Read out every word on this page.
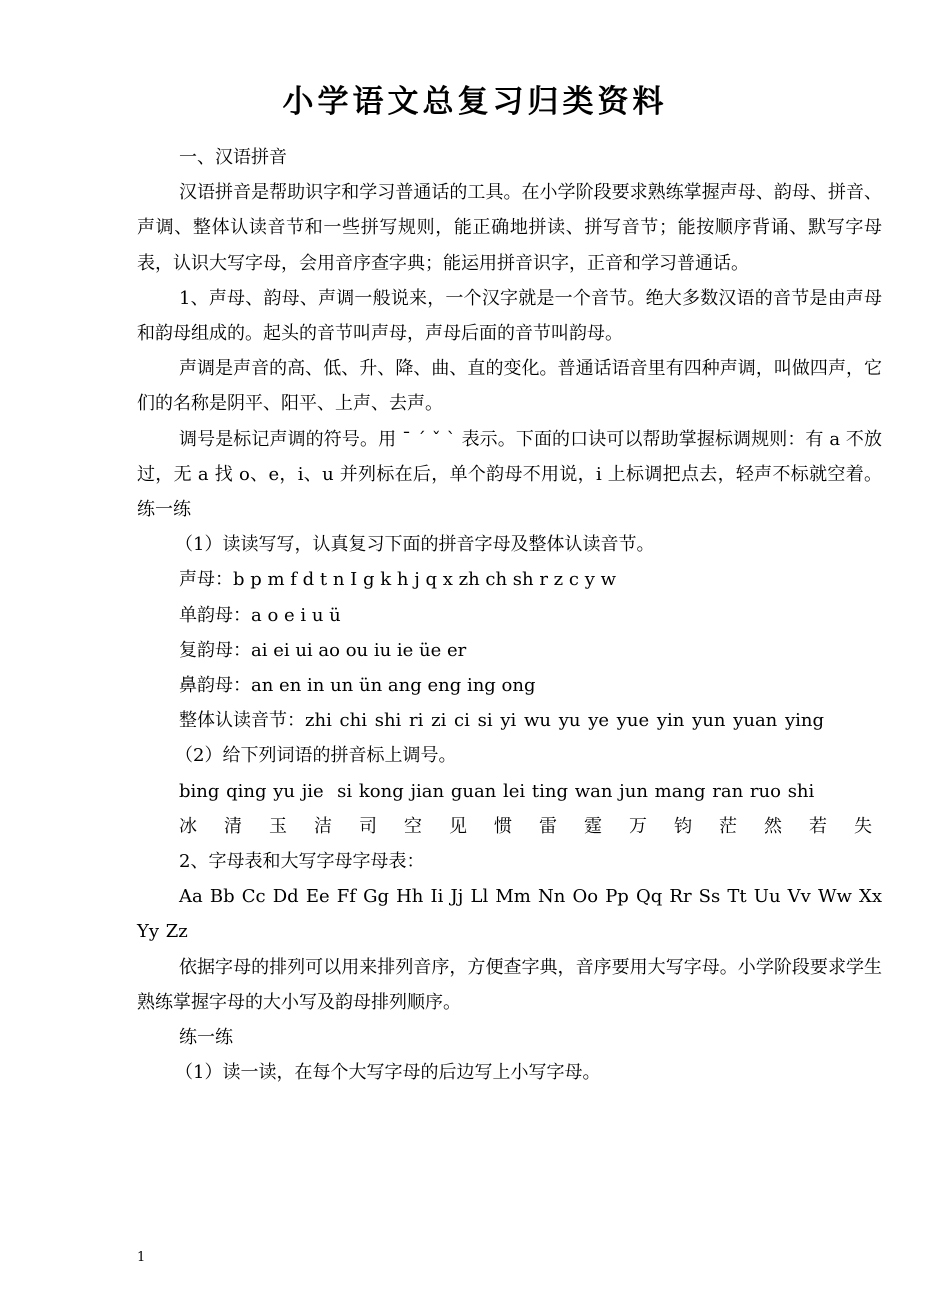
小学语文总复习归类资料

一、汉语拼音

汉语拼音是帮助识字和学习普通话的工具。在小学阶段要求熟练掌握声母、韵母、拼音、声调、整体认读音节和一些拼写规则，能正确地拼读、拼写音节；能按顺序背诵、默写字母表，认识大写字母，会用音序查字典；能运用拼音识字，正音和学习普通话。

1、声母、韵母、声调一般说来，一个汉字就是一个音节。绝大多数汉语的音节是由声母和韵母组成的。起头的音节叫声母，声母后面的音节叫韵母。

声调是声音的高、低、升、降、曲、直的变化。普通话语音里有四种声调，叫做四声，它们的名称是阴平、阳平、上声、去声。

调号是标记声调的符号。用 ˉ ˊ ˇ ˋ 表示。下面的口诀可以帮助掌握标调规则：有 a 不放过，无 a 找 o、e，i、u 并列标在后，单个韵母不用说，i 上标调把点去，轻声不标就空着。练一练

（1）读读写写，认真复习下面的拼音字母及整体认读音节。

声母：b p m f d t n I g k h j q x zh ch sh r z c y w

单韵母：a o e i u ü

复韵母：ai ei ui ao ou iu ie üe er

鼻韵母：an en in un ün ang eng ing ong

整体认读音节：zhi chi shi ri zi ci si yi wu yu ye yue yin yun yuan ying

（2）给下列词语的拼音标上调号。

bing qing yu jie  si kong jian guan lei ting wan jun mang ran ruo shi

冰 清 玉 洁 司 空 见 惯 雷 霆 万 钧 茫 然 若 失

2、字母表和大写字母字母表：

Aa Bb Cc Dd Ee Ff Gg Hh Ii Jj Ll Mm Nn Oo Pp Qq Rr Ss Tt Uu Vv Ww Xx Yy Zz

依据字母的排列可以用来排列音序，方便查字典，音序要用大写字母。小学阶段要求学生熟练掌握字母的大小写及韵母排列顺序。

练一练

（1）读一读，在每个大写字母的后边写上小写字母。

1
